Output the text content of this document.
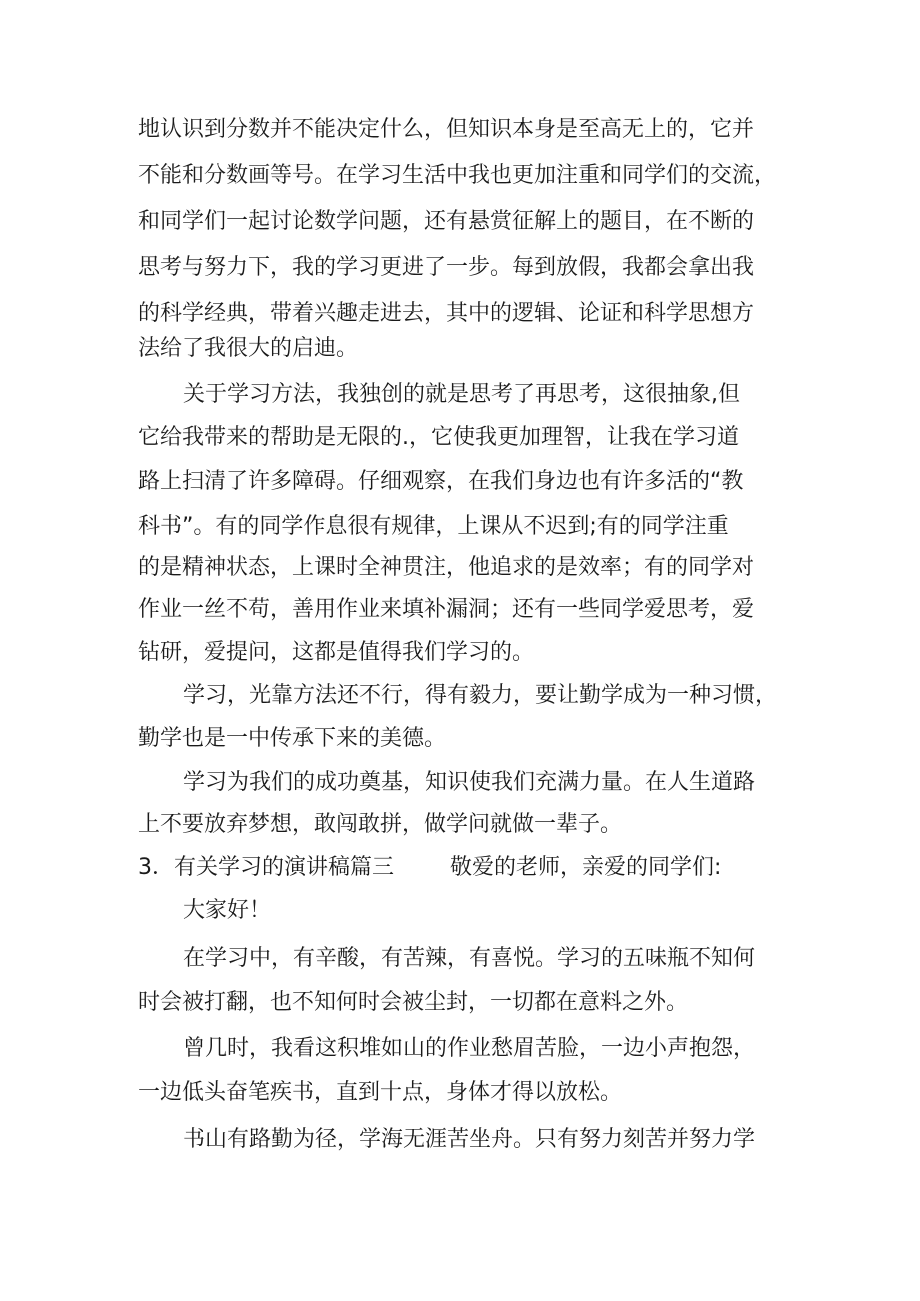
地认识到分数并不能决定什么，但知识本身是至高无上的，它并
不能和分数画等号。在学习生活中我也更加注重和同学们的交流，
和同学们一起讨论数学问题，还有悬赏征解上的题目，在不断的
思考与努力下，我的学习更进了一步。每到放假，我都会拿出我
的科学经典，带着兴趣走进去，其中的逻辑、论证和科学思想方
法给了我很大的启迪。
关于学习方法，我独创的就是思考了再思考，这很抽象,但
它给我带来的帮助是无限的.，它使我更加理智，让我在学习道
路上扫清了许多障碍。仔细观察，在我们身边也有许多活的“教
科书”。有的同学作息很有规律，上课从不迟到;有的同学注重
的是精神状态，上课时全神贯注，他追求的是效率；有的同学对
作业一丝不苟，善用作业来填补漏洞；还有一些同学爱思考，爱
钻研，爱提问，这都是值得我们学习的。
学习，光靠方法还不行，得有毅力，要让勤学成为一种习惯，
勤学也是一中传承下来的美德。
学习为我们的成功奠基，知识使我们充满力量。在人生道路
上不要放弃梦想，敢闯敢拼，做学问就做一辈子。
3．有关学习的演讲稿篇三	敬爱的老师，亲爱的同学们:
大家好！
在学习中，有辛酸，有苦辣，有喜悦。学习的五味瓶不知何
时会被打翻，也不知何时会被尘封，一切都在意料之外。
曾几时，我看这积堆如山的作业愁眉苦脸，一边小声抱怨，
一边低头奋笔疾书，直到十点，身体才得以放松。
书山有路勤为径，学海无涯苦坐舟。只有努力刻苦并努力学
